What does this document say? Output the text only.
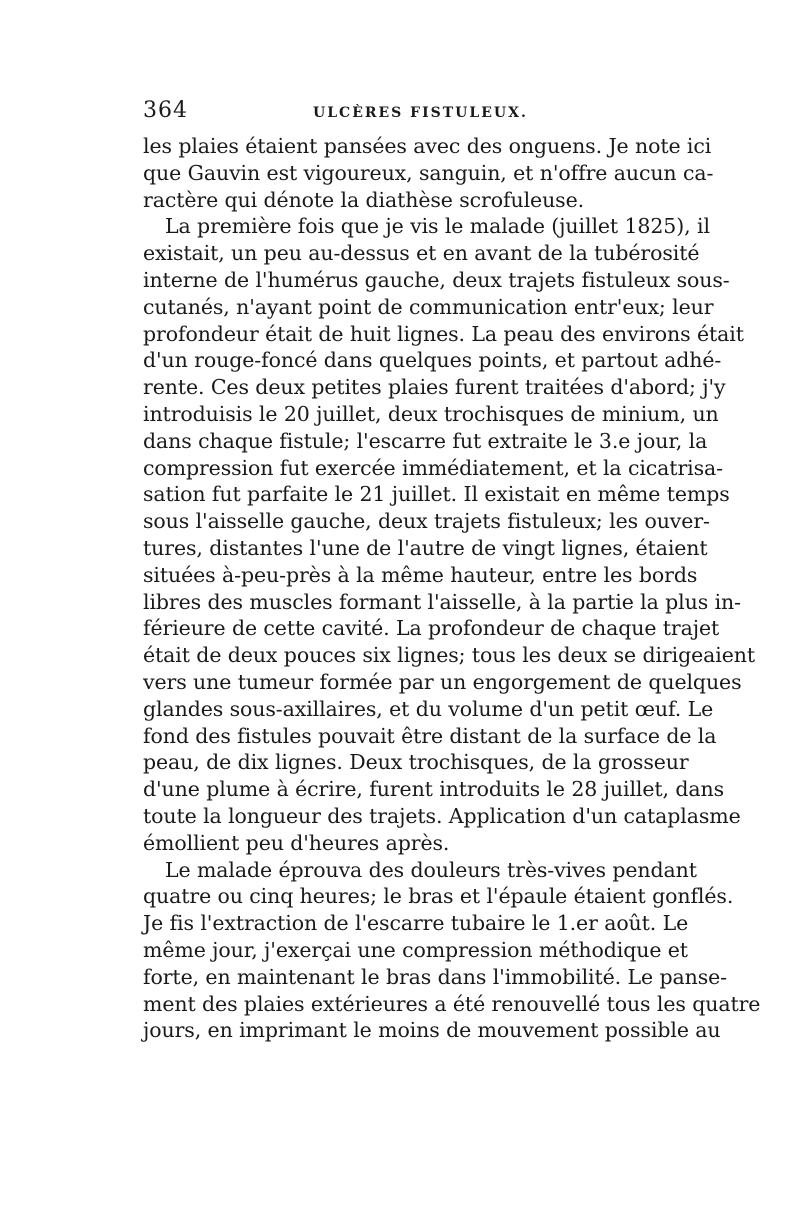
364	ULCÈRES FISTULEUX.
les plaies étaient pansées avec des onguens. Je note ici
que Gauvin est vigoureux, sanguin, et n'offre aucun ca-
ractère qui dénote la diathèse scrofuleuse.
La première fois que je vis le malade (juillet 1825), il
existait, un peu au-dessus et en avant de la tubérosité
interne de l'humérus gauche, deux trajets fistuleux sous-
cutanés, n'ayant point de communication entr'eux; leur
profondeur était de huit lignes. La peau des environs était
d'un rouge-foncé dans quelques points, et partout adhé-
rente. Ces deux petites plaies furent traitées d'abord; j'y
introduisis le 20 juillet, deux trochisques de minium, un
dans chaque fistule; l'escarre fut extraite le 3.e jour, la
compression fut exercée immédiatement, et la cicatrisa-
sation fut parfaite le 21 juillet. Il existait en même temps
sous l'aisselle gauche, deux trajets fistuleux; les ouver-
tures, distantes l'une de l'autre de vingt lignes, étaient
situées à-peu-près à la même hauteur, entre les bords
libres des muscles formant l'aisselle, à la partie la plus in-
férieure de cette cavité. La profondeur de chaque trajet
était de deux pouces six lignes; tous les deux se dirigeaient
vers une tumeur formée par un engorgement de quelques
glandes sous-axillaires, et du volume d'un petit œuf. Le
fond des fistules pouvait être distant de la surface de la
peau, de dix lignes. Deux trochisques, de la grosseur
d'une plume à écrire, furent introduits le 28 juillet, dans
toute la longueur des trajets. Application d'un cataplasme
émollient peu d'heures après.
Le malade éprouva des douleurs très-vives pendant
quatre ou cinq heures; le bras et l'épaule étaient gonflés.
Je fis l'extraction de l'escarre tubaire le 1.er août. Le
même jour, j'exerçai une compression méthodique et
forte, en maintenant le bras dans l'immobilité. Le panse-
ment des plaies extérieures a été renouvellé tous les quatre
jours, en imprimant le moins de mouvement possible au
